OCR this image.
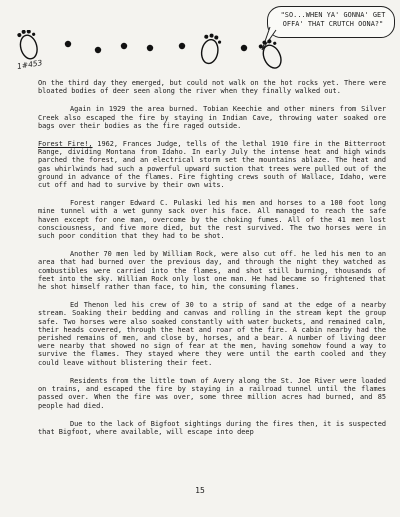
"SO...WHEN YA' GONNA' GET OFFA' THAT CRUTCH OONA?"
1#453

On the third day they emerged, but could not walk on the hot rocks yet. There were bloated bodies of deer seen along the river when they finally walked out.

Again in 1929 the area burned. Tobian Keechie and other miners from Silver Creek also escaped the fire by staying in Indian Cave, throwing water soaked ore bags over their bodies as the fire raged outside.

Forest Fire!, 1962, Frances Judge, tells of the lethal 1910 fire in the Bitterroot Range, dividing Montana from Idaho. In early July the intense heat and high winds parched the forest, and an electrical storm set the mountains ablaze. The heat and gas whirlwinds had such a powerful upward suction that trees were pulled out of the ground in advance of the flames. Fire fighting crews south of Wallace, Idaho, were cut off and had to survive by their own wits.

Forest ranger Edward C. Pulaski led his men and horses to a 100 foot long mine tunnel with a wet gunny sack over his face. All managed to reach the safe haven except for one man, overcome by the choking fumes. All of the 41 men lost consciousness, and five more died, but the rest survived. The two horses were in such poor condition that they had to be shot.

Another 70 men led by William Rock, were also cut off. he led his men to an area that had burned over the previous day, and through the night they watched as combustibles were carried into the flames, and shot still burning, thousands of feet into the sky. William Rock only lost one man. He had became so frightened that he shot himself rather than face, to him, the consuming flames.

Ed Thenon led his crew of 30 to a strip of sand at the edge of a nearby stream. Soaking their bedding and canvas and rolling in the stream kept the group safe. Two horses were also soaked constantly with water buckets, and remained calm, their heads covered, through the heat and roar of the fire. A cabin nearby had the perished remains of men, and close by, horses, and a bear. A number of living deer were nearby that showed no sign of fear at the men, having somehow found a way to survive the flames. They stayed where they were until the earth cooled and they could leave without blistering their feet.

Residents from the little town of Avery along the St. Joe River were loaded on trains, and escaped the fire by staying in a railroad tunnel until the flames passed over. When the fire was over, some three million acres had burned, and 85 people had died.

Due to the lack of Bigfoot sightings during the fires then, it is suspected that Bigfoot, where available, will escape into deep

15
